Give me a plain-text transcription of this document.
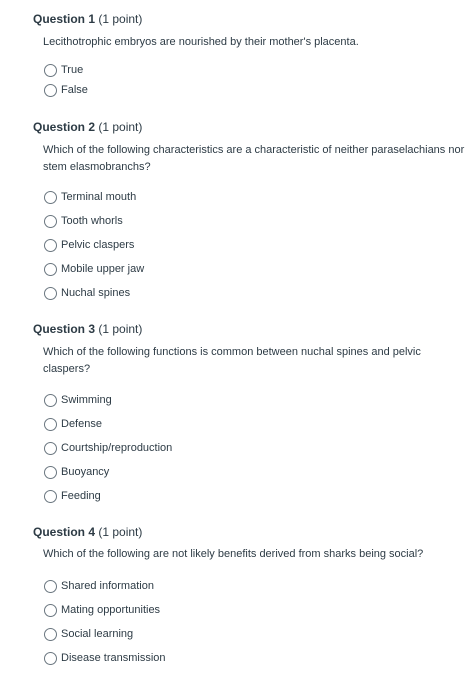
Question 1 (1 point)
Lecithotrophic embryos are nourished by their mother's placenta.
True
False
Question 2 (1 point)
Which of the following characteristics are a characteristic of neither paraselachians nor stem elasmobranchs?
Terminal mouth
Tooth whorls
Pelvic claspers
Mobile upper jaw
Nuchal spines
Question 3 (1 point)
Which of the following functions is common between nuchal spines and pelvic claspers?
Swimming
Defense
Courtship/reproduction
Buoyancy
Feeding
Question 4 (1 point)
Which of the following are not likely benefits derived from sharks being social?
Shared information
Mating opportunities
Social learning
Disease transmission
